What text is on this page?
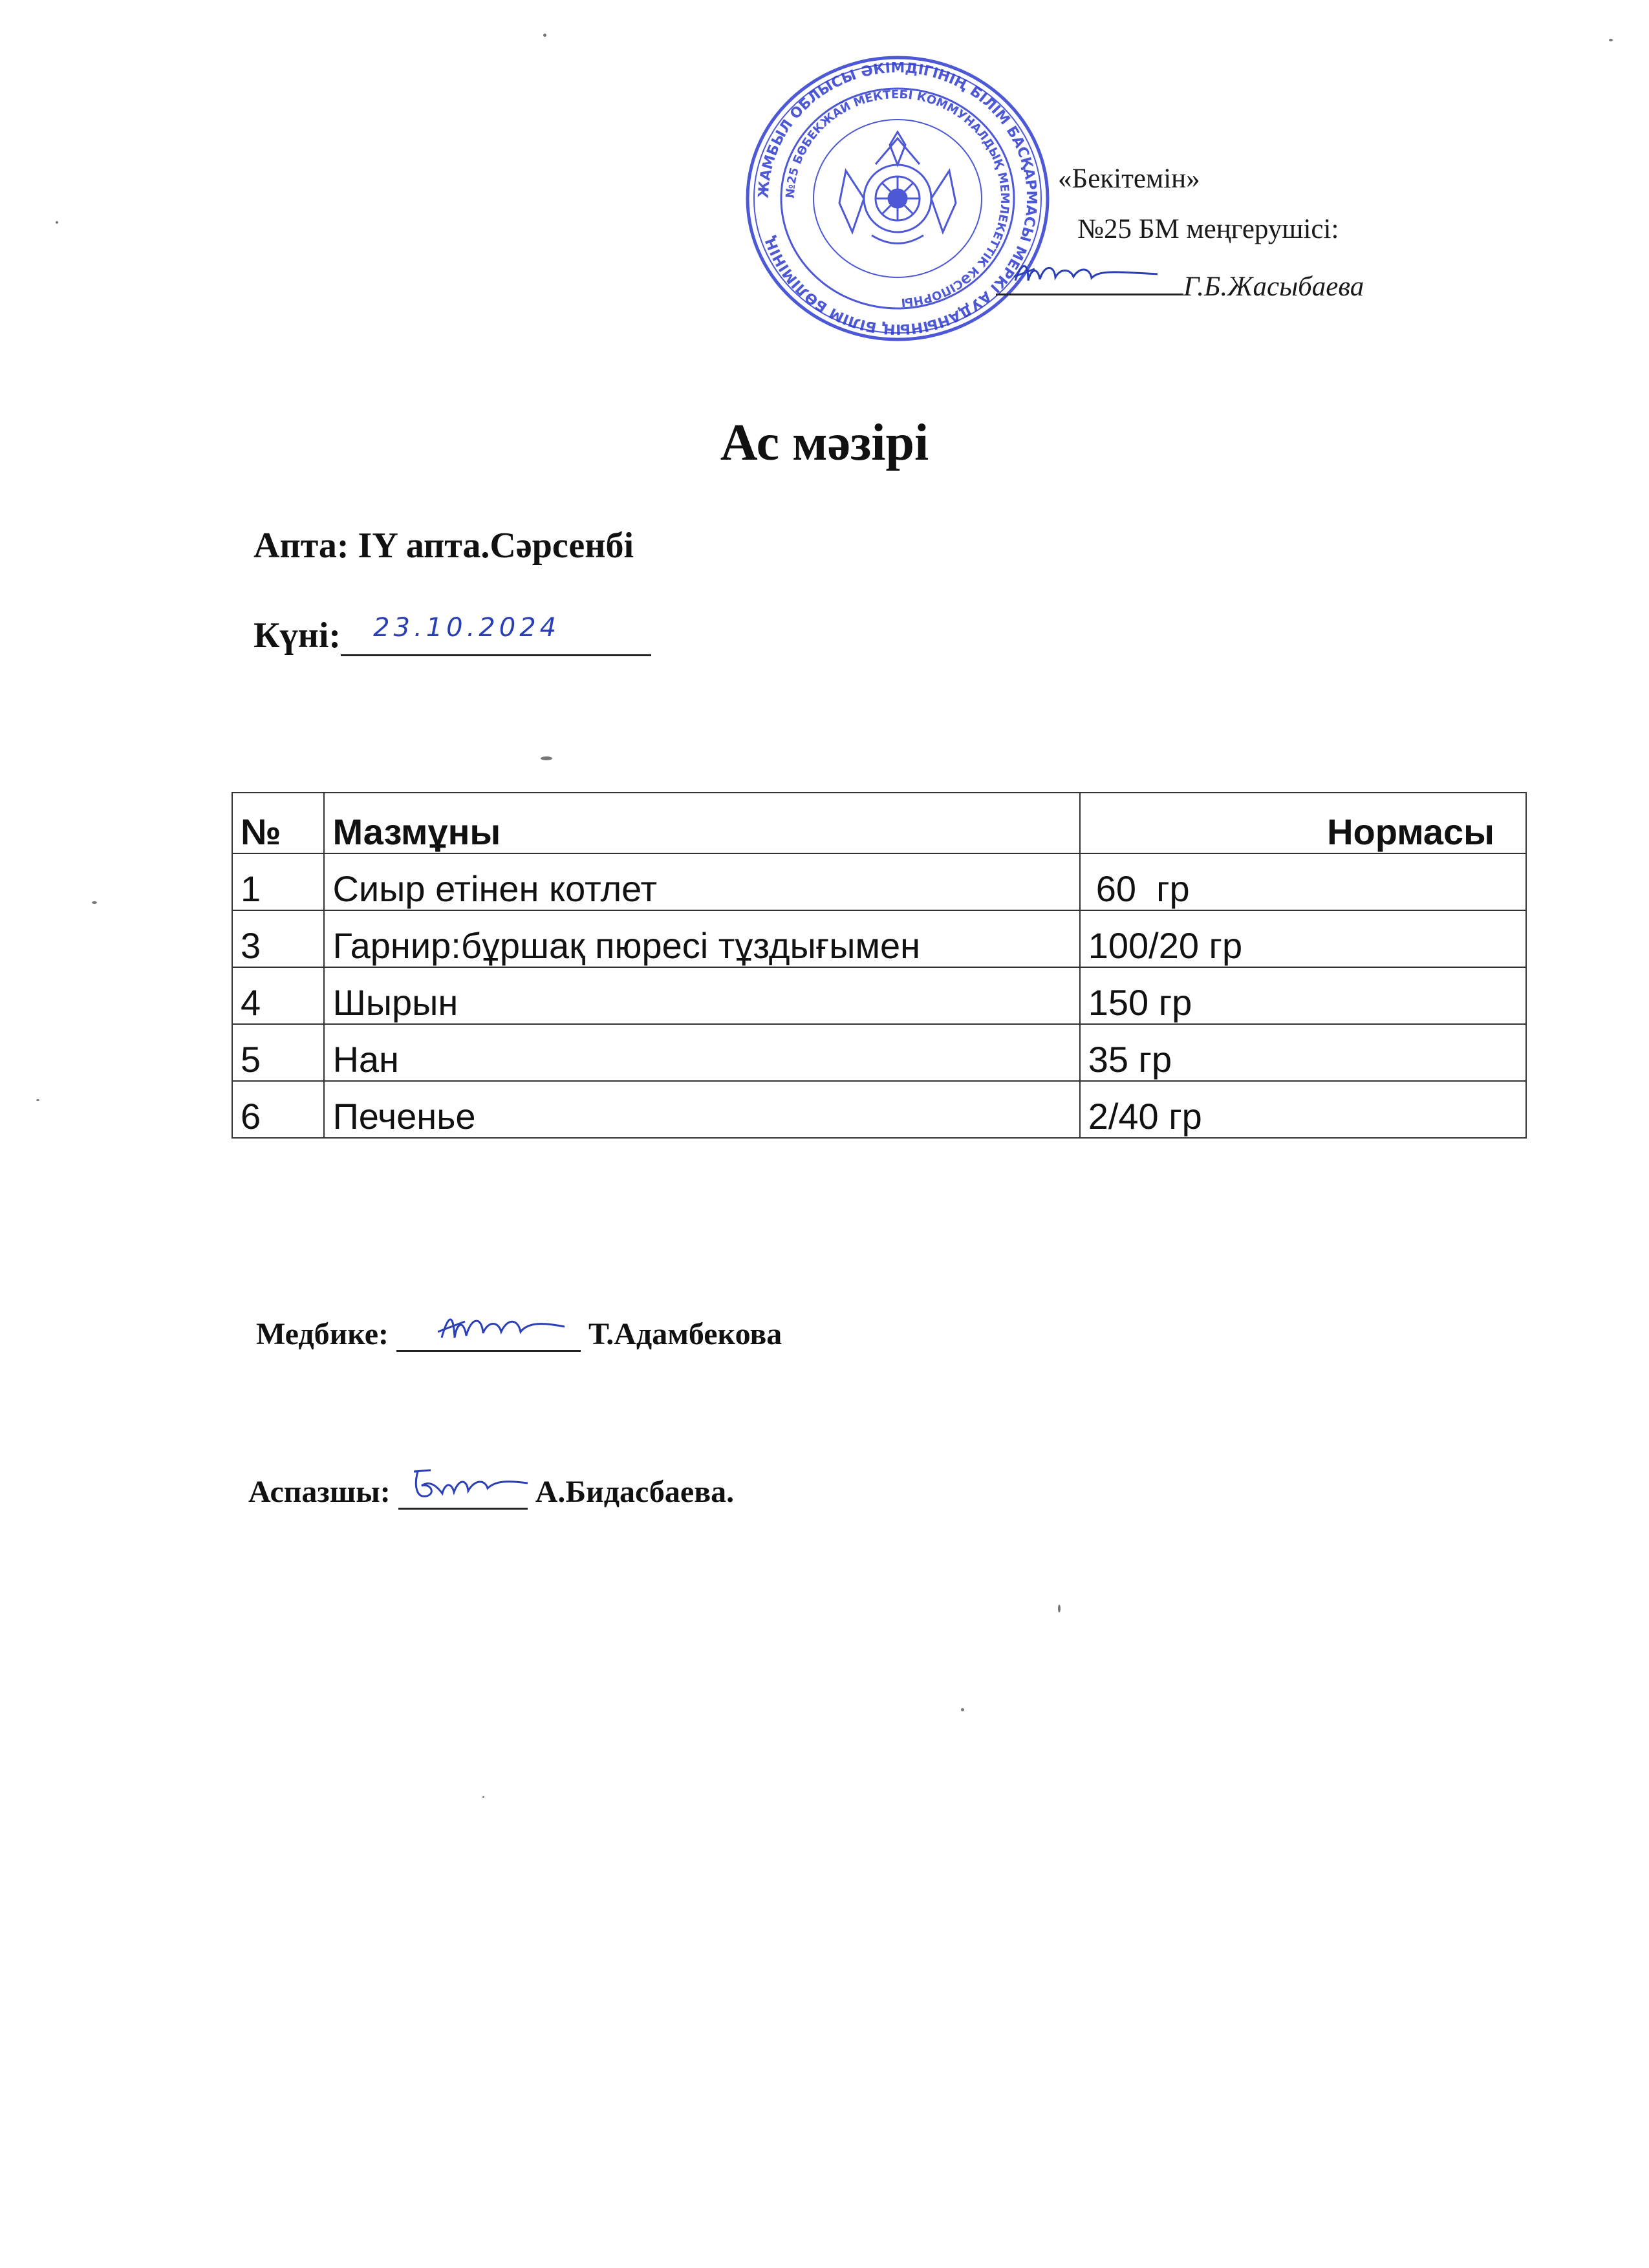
ЖАМБЫЛ ОБЛЫСЫ ӘКІМДІГІНІҢ БІЛІМ БАСҚАРМАСЫ МЕРКІ АУДАНЫНЫҢ БІЛІМ БӨЛІМІНІҢ
№25 БӨБЕКЖАЙ МЕКТЕБІ КОММУНАЛДЫҚ МЕМЛЕКЕТТІК КӘСІПОРНЫ
«Бекітемін»
№25 БМ меңгерушісі:
Г.Б.Жасыбаева
Ас мәзірі
Апта: IY апта.Сәрсенбі
Күні: 23.10.2024
№	Мазмұны	Нормасы
1	Сиыр етінен котлет	60  гр
3	Гарнир:бұршақ пюресі тұздығымен	100/20 гр
4	Шырын	150 гр
5	Нан	35 гр
6	Печенье	2/40 гр
Медбике:	Т.Адамбекова
Аспазшы:	А.Бидасбаева.
